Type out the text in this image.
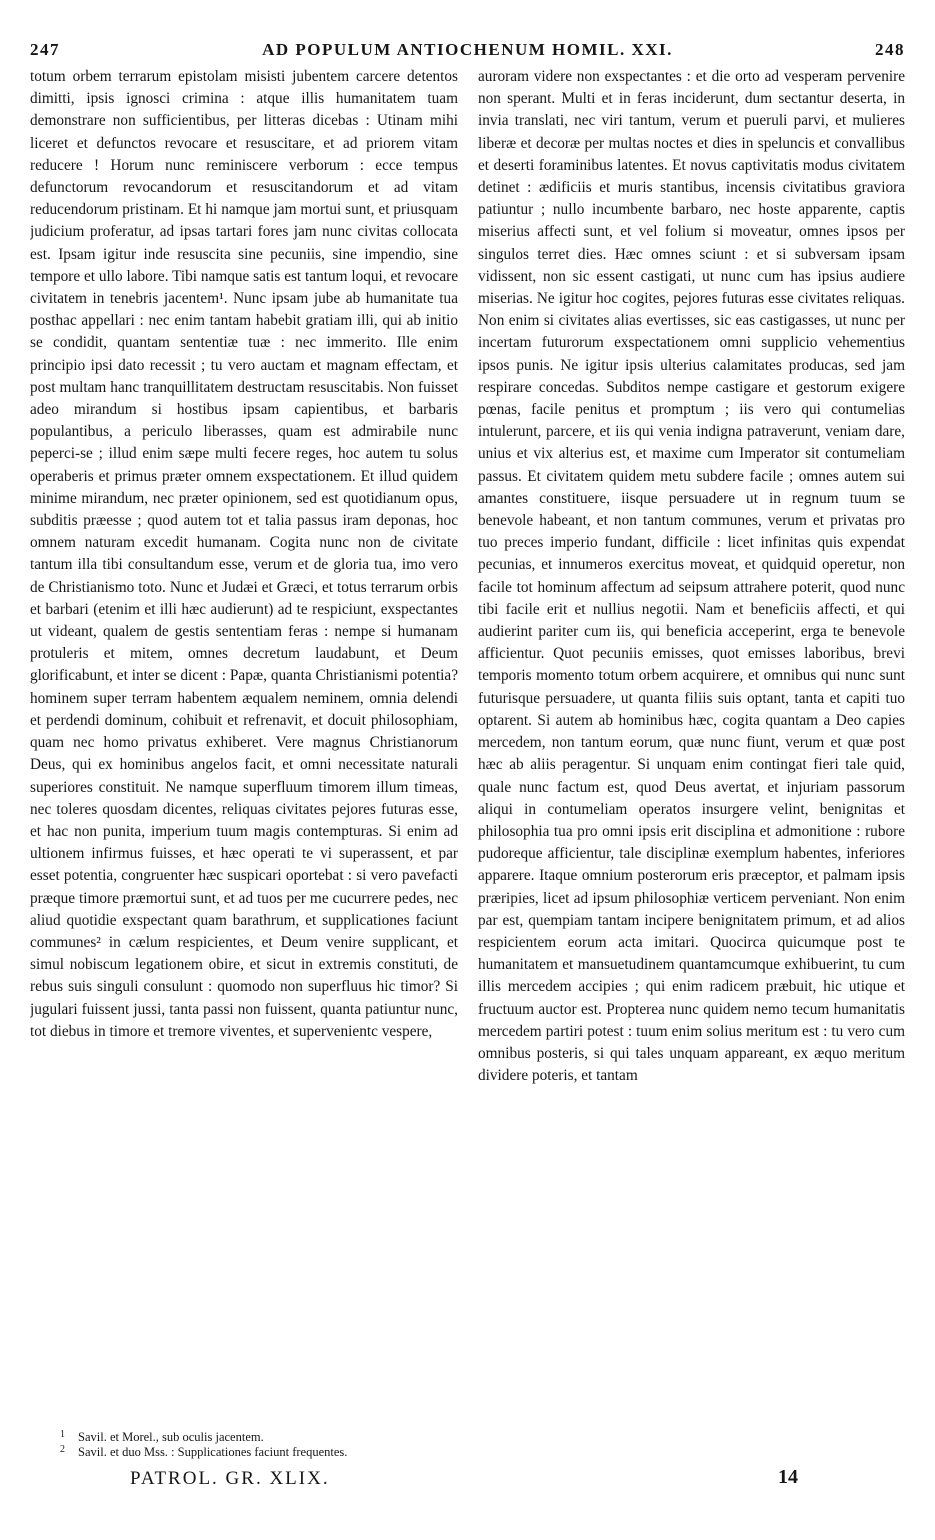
247	AD POPULUM ANTIOCHENUM HOMIL. XXI.	248

totum orbem terrarum epistolam misisti jubentem carcere detentos dimitti, ipsis ignosci crimina : atque illis humanitatem tuam demonstrare non sufficientibus, per litteras dicebas : Utinam mihi liceret et defunctos revocare et resuscitare, et ad priorem vitam reducere ! Horum nunc reminiscere verborum : ecce tempus defunctorum revocandorum et resuscitandorum et ad vitam reducendorum pristinam. Et hi namque jam mortui sunt, et priusquam judicium proferatur, ad ipsas tartari fores jam nunc civitas collocata est. Ipsam igitur inde resuscita sine pecuniis, sine impendio, sine tempore et ullo labore. Tibi namque satis est tantum loqui, et revocare civitatem in tenebris jacentem¹. Nunc ipsam jube ab humanitate tua posthac appellari : nec enim tantam habebit gratiam illi, qui ab initio se condidit, quantam sententiæ tuæ : nec immerito. Ille enim principio ipsi dato recessit ; tu vero auctam et magnam effectam, et post multam hanc tranquillitatem destructam resuscitabis. Non fuisset adeo mirandum si hostibus ipsam capientibus, et barbaris populantibus, a periculo liberasses, quam est admirabile nunc peperci-se ; illud enim sæpe multi fecere reges, hoc autem tu solus operaberis et primus præter omnem exspectationem. Et illud quidem minime mirandum, nec præter opinionem, sed est quotidianum opus, subditis præesse ; quod autem tot et talia passus iram deponas, hoc omnem naturam excedit humanam. Cogita nunc non de civitate tantum illa tibi consultandum esse, verum et de gloria tua, imo vero de Christianismo toto. Nunc et Judæi et Græci, et totus terrarum orbis et barbari (etenim et illi hæc audierunt) ad te respiciunt, exspectantes ut videant, qualem de gestis sententiam feras : nempe si humanam protuleris et mitem, omnes decretum laudabunt, et Deum glorificabunt, et inter se dicent : Papæ, quanta Christianismi potentia? hominem super terram habentem æqualem neminem, omnia delendi et perdendi dominum, cohibuit et refrenavit, et docuit philosophiam, quam nec homo privatus exhiberet. Vere magnus Christianorum Deus, qui ex hominibus angelos facit, et omni necessitate naturali superiores constituit. Ne namque superfluum timorem illum timeas, nec toleres quosdam dicentes, reliquas civitates pejores futuras esse, et hac non punita, imperium tuum magis contempturas. Si enim ad ultionem infirmus fuisses, et hæc operati te vi superassent, et par esset potentia, congruenter hæc suspicari oportebat : si vero pavefacti præque timore præmortui sunt, et ad tuos per me cucurrere pedes, nec aliud quotidie exspectant quam barathrum, et supplicationes faciunt communes² in cælum respicientes, et Deum venire supplicant, et simul nobiscum legationem obire, et sicut in extremis constituti, de rebus suis singuli consulunt : quomodo non superfluus hic timor? Si jugulari fuissent jussi, tanta passi non fuissent, quanta patiuntur nunc, tot diebus in timore et tremore viventes, et supervenientc vespere,

auroram videre non exspectantes : et die orto ad vesperam pervenire non sperant. Multi et in feras inciderunt, dum sectantur deserta, in invia translati, nec viri tantum, verum et pueruli parvi, et mulieres liberæ et decoræ per multas noctes et dies in speluncis et convallibus et deserti foraminibus latentes. Et novus captivitatis modus civitatem detinet : ædificiis et muris stantibus, incensis civitatibus graviora patiuntur ; nullo incumbente barbaro, nec hoste apparente, captis miserius affecti sunt, et vel folium si moveatur, omnes ipsos per singulos terret dies. Hæc omnes sciunt : et si subversam ipsam vidissent, non sic essent castigati, ut nunc cum has ipsius audiere miserias. Ne igitur hoc cogites, pejores futuras esse civitates reliquas. Non enim si civitates alias evertisses, sic eas castigasses, ut nunc per incertam futurorum exspectationem omni supplicio vehementius ipsos punis. Ne igitur ipsis ulterius calamitates producas, sed jam respirare concedas. Subditos nempe castigare et gestorum exigere pœnas, facile penitus et promptum ; iis vero qui contumelias intulerunt, parcere, et iis qui venia indigna patraverunt, veniam dare, unius et vix alterius est, et maxime cum Imperator sit contumeliam passus. Et civitatem quidem metu subdere facile ; omnes autem sui amantes constituere, iisque persuadere ut in regnum tuum se benevole habeant, et non tantum communes, verum et privatas pro tuo preces imperio fundant, difficile : licet infinitas quis expendat pecunias, et innumeros exercitus moveat, et quidquid operetur, non facile tot hominum affectum ad seipsum attrahere poterit, quod nunc tibi facile erit et nullius negotii. Nam et beneficiis affecti, et qui audierint pariter cum iis, qui beneficia acceperint, erga te benevole afficientur. Quot pecuniis emisses, quot emisses laboribus, brevi temporis momento totum orbem acquirere, et omnibus qui nunc sunt futurisque persuadere, ut quanta filiis suis optant, tanta et capiti tuo optarent. Si autem ab hominibus hæc, cogita quantam a Deo capies mercedem, non tantum eorum, quæ nunc fiunt, verum et quæ post hæc ab aliis peragentur. Si unquam enim contingat fieri tale quid, quale nunc factum est, quod Deus avertat, et injuriam passorum aliqui in contumeliam operatos insurgere velint, benignitas et philosophia tua pro omni ipsis erit disciplina et admonitione : rubore pudoreque afficientur, tale disciplinæ exemplum habentes, inferiores apparere. Itaque omnium posterorum eris præceptor, et palmam ipsis præripies, licet ad ipsum philosophiæ verticem perveniant. Non enim par est, quempiam tantam incipere benignitatem primum, et ad alios respicientem eorum acta imitari. Quocirca quicumque post te humanitatem et mansuetudinem quantamcumque exhibuerint, tu cum illis mercedem accipies ; qui enim radicem præbuit, hic utique et fructuum auctor est. Propterea nunc quidem nemo tecum humanitatis mercedem partiri potest : tuum enim solius meritum est : tu vero cum omnibus posteris, si qui tales unquam appareant, ex æquo meritum dividere poteris, et tantam

1 Savil. et Morel., sub oculis jacentem.
2 Savil. et duo Mss. : Supplicationes faciunt frequentes.
PATROL. GR. XLIX.	14
